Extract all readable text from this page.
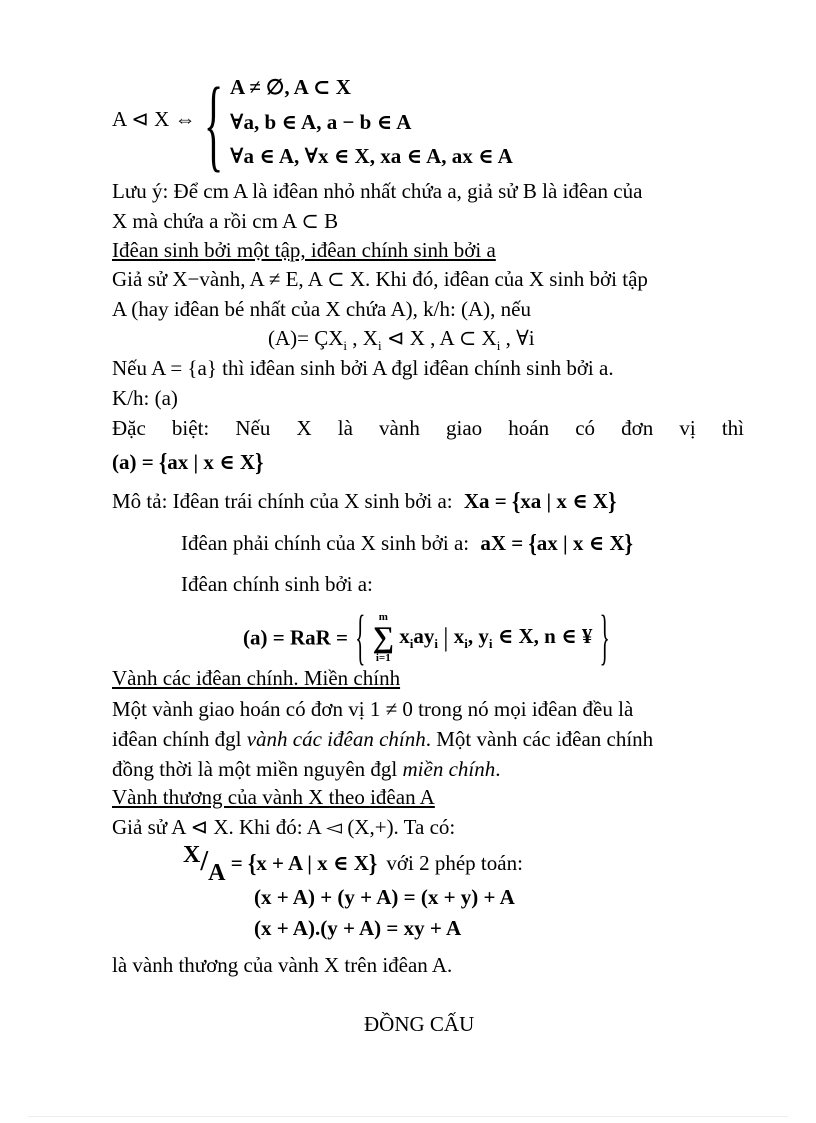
A ⊲ X ⇔ { A ≠ ∅, A ⊂ X
∀a, b ∈ A, a − b ∈ A
∀a ∈ A, ∀x ∈ X, xa ∈ A, ax ∈ A
Lưu ý: Để cm A là iđêan nhỏ nhất chứa a, giả sử B là iđêan của
X mà chứa a rồi cm A ⊂ B
Iđêan sinh bởi một tập, iđêan chính sinh bởi a
Giả sử X−vành, A ≠ E, A ⊂ X. Khi đó, iđêan của X sinh bởi tập
A (hay iđêan bé nhất của X chứa A), k/h: (A), nếu
$(A)= ÇX_i$ , $X_i$ ⊲ X , A ⊂ $X_i$ , ∀i
Nếu A = {a} thì iđêan sinh bởi A đgl iđêan chính sinh bởi a.
K/h: (a)
Đặc biệt: Nếu X là vành giao hoán có đơn vị thì
(a) = {ax | x ∈ X}
Mô tả: Iđêan trái chính của X sinh bởi a: Xa = {xa | x ∈ X}
Iđêan phải chính của X sinh bởi a: aX = {ax | x ∈ X}
Iđêan chính sinh bởi a:
(a) = RaR = {	m
∑
i=1
$x_iay_i$ | $x_i$, $y_i$ ∈ X, n ∈ ¥ }
Vành các iđêan chính. Miền chính
Một vành giao hoán có đơn vị 1 ≠ 0 trong nó mọi iđêan đều là
iđêan chính đgl vành các iđêan chính. Một vành các iđêan chính
đồng thời là một miền nguyên đgl miền chính.
Vành thương của vành X theo iđêan A
Giả sử A ⊲ X. Khi đó: A ◅ (X,+). Ta có:
X/A = {x + A | x ∈ X} với 2 phép toán:
(x + A) + (y + A) = (x + y) + A
(x + A).(y + A) = xy + A
là vành thương của vành X trên iđêan A.
ĐỒNG CẤU
